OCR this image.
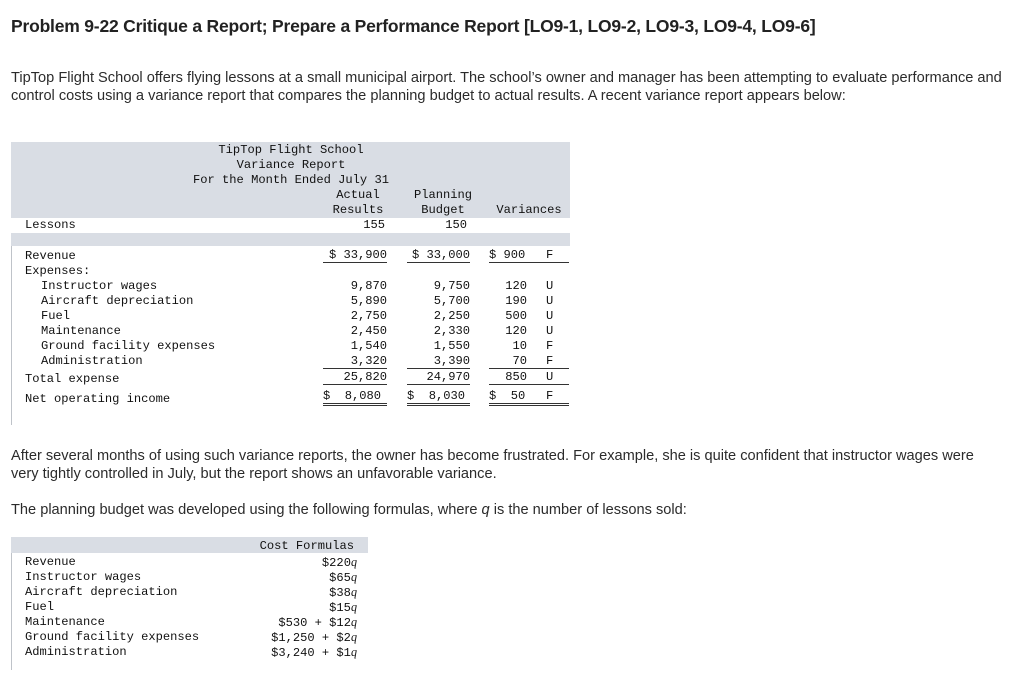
Problem 9-22 Critique a Report; Prepare a Performance Report [LO9-1, LO9-2, LO9-3, LO9-4, LO9-6]
TipTop Flight School offers flying lessons at a small municipal airport. The school’s owner and manager has been attempting to evaluate performance and control costs using a variance report that compares the planning budget to actual results. A recent variance report appears below:
TipTop Flight School
Variance Report
For the Month Ended July 31
Actual
Results
Planning
Budget	Variances
Lessons	155	150
Revenue	$ 33,900	$ 33,000 $ 900	F

Expenses:
Instructor wages	9,870	9,750	120 U

Aircraft depreciation	5,890	5,700	190 U

Fuel	2,750	2,250	500 U

Maintenance	2,450	2,330	120 U

Ground facility expenses	1,540	1,550	10 F

Administration	3,320	3,390	70 F

Total expense	25,820	24,970	850 U

Net operating income	$  8,080	$  8,030	$  50 F

After several months of using such variance reports, the owner has become frustrated. For example, she is quite confident that instructor wages were very tightly controlled in July, but the report shows an unfavorable variance.
The planning budget was developed using the following formulas, where q is the number of lessons sold:
Cost Formulas
Revenue	$220q
Instructor wages	$65q
Aircraft depreciation	$38q
Fuel	$15q
Maintenance	$530 + $12q
Ground facility expenses	$1,250 + $2q
Administration	$3,240 + $1q
